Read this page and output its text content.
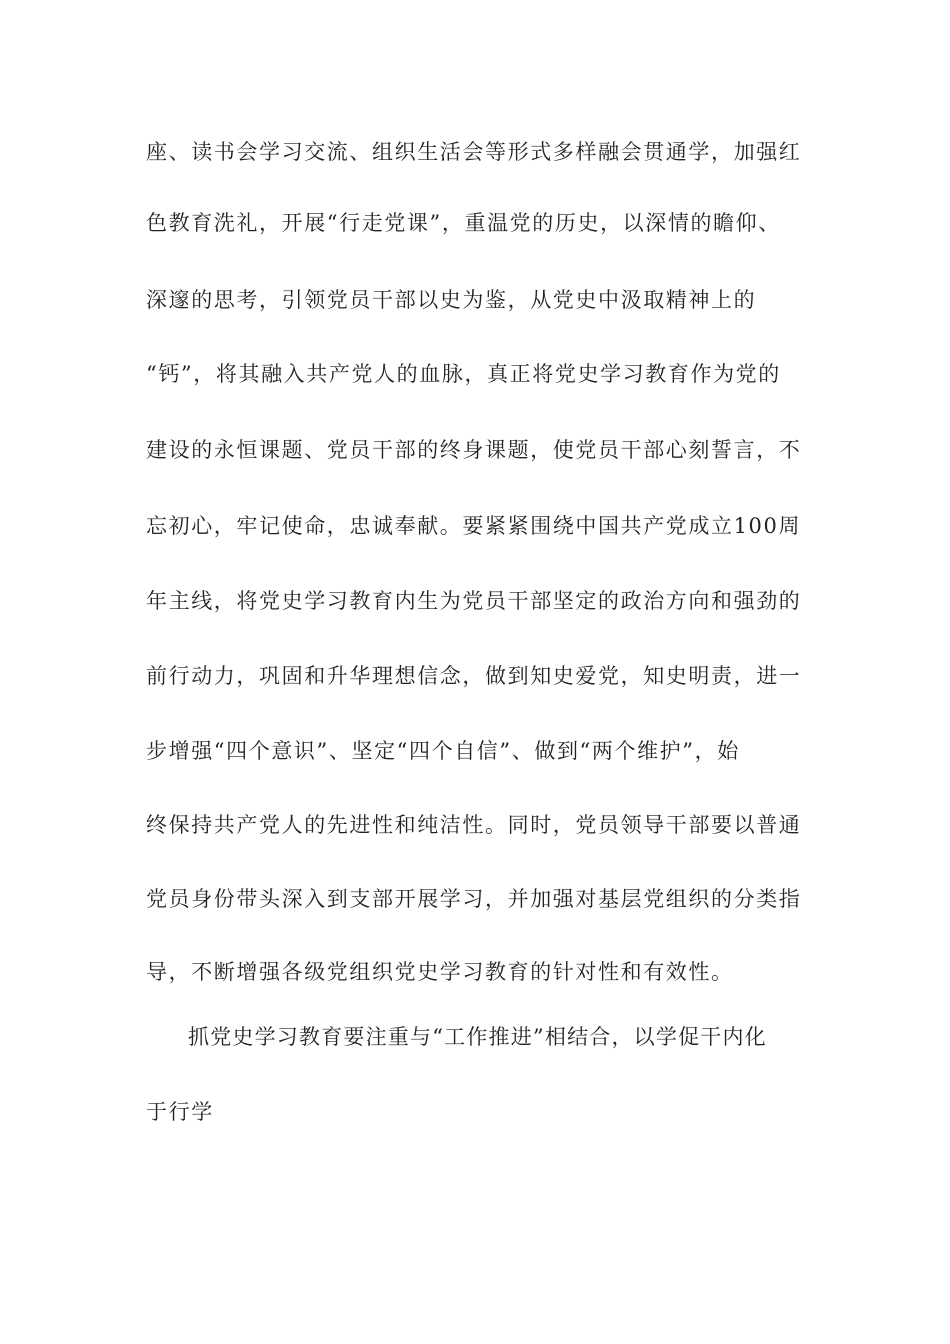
座、读书会学习交流、组织生活会等形式多样融会贯通学，加强红
色教育洗礼，开展“行走党课”，重温党的历史，以深情的瞻仰、
深邃的思考，引领党员干部以史为鉴，从党史中汲取精神上的
“钙”，将其融入共产党人的血脉，真正将党史学习教育作为党的
建设的永恒课题、党员干部的终身课题，使党员干部心刻誓言，不
忘初心，牢记使命，忠诚奉献。要紧紧围绕中国共产党成立100周
年主线，将党史学习教育内生为党员干部坚定的政治方向和强劲的
前行动力，巩固和升华理想信念，做到知史爱党，知史明责，进一
步增强“四个意识”、坚定“四个自信”、做到“两个维护”，始
终保持共产党人的先进性和纯洁性。同时，党员领导干部要以普通
党员身份带头深入到支部开展学习，并加强对基层党组织的分类指
导，不断增强各级党组织党史学习教育的针对性和有效性。
抓党史学习教育要注重与“工作推进”相结合，以学促干内化
于行学
